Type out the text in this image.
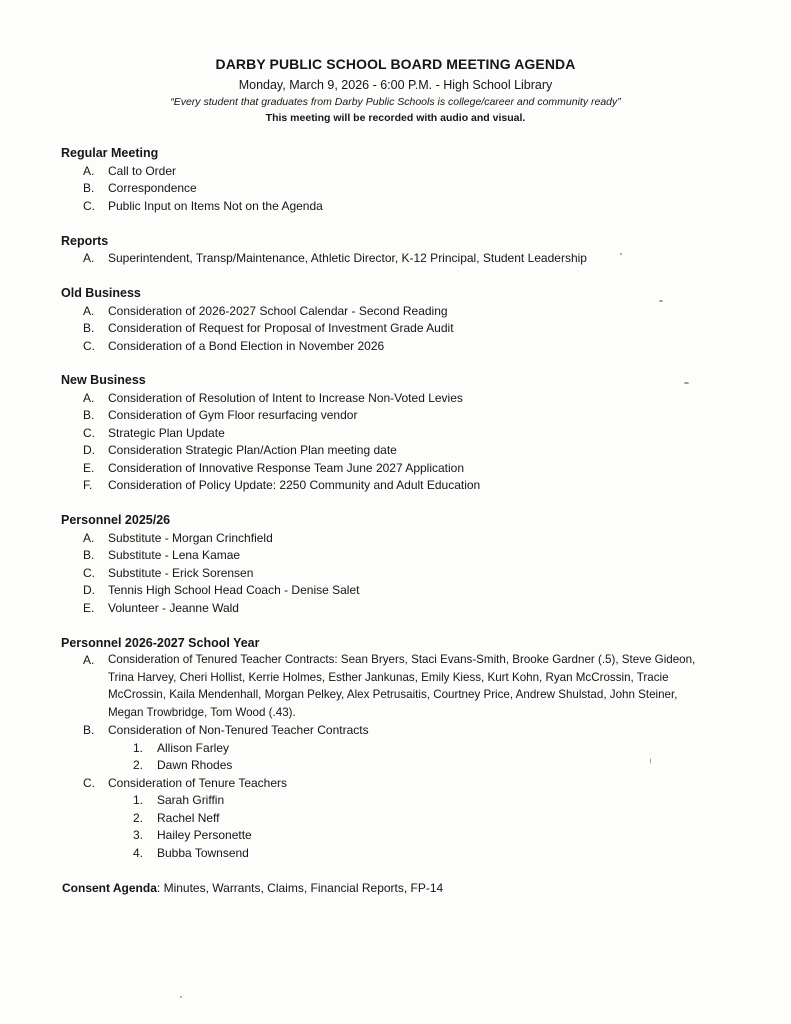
DARBY PUBLIC SCHOOL BOARD MEETING AGENDA
Monday, March 9, 2026 - 6:00 P.M. - High School Library
“Every student that graduates from Darby Public Schools is college/career and community ready”
This meeting will be recorded with audio and visual.
Regular Meeting
A. Call to Order
B. Correspondence
C. Public Input on Items Not on the Agenda
Reports
A. Superintendent, Transp/Maintenance, Athletic Director, K-12 Principal, Student Leadership
Old Business
A. Consideration of 2026-2027 School Calendar - Second Reading
B. Consideration of Request for Proposal of Investment Grade Audit
C. Consideration of a Bond Election in November 2026
New Business
A. Consideration of Resolution of Intent to Increase Non-Voted Levies
B. Consideration of Gym Floor resurfacing vendor
C. Strategic Plan Update
D. Consideration Strategic Plan/Action Plan meeting date
E. Consideration of Innovative Response Team June 2027 Application
F.	Consideration of Policy Update: 2250 Community and Adult Education
Personnel 2025/26
A. Substitute - Morgan Crinchfield
B. Substitute - Lena Kamae
C. Substitute - Erick Sorensen
D. Tennis High School Head Coach - Denise Salet
E. Volunteer - Jeanne Wald
Personnel 2026-2027 School Year
A. Consideration of Tenured Teacher Contracts: Sean Bryers, Staci Evans-Smith, Brooke Gardner (.5), Steve Gideon,
Trina Harvey, Cheri Hollist, Kerrie Holmes, Esther Jankunas, Emily Kiess, Kurt Kohn, Ryan McCrossin, Tracie
McCrossin, Kaila Mendenhall, Morgan Pelkey, Alex Petrusaitis, Courtney Price, Andrew Shulstad, John Steiner,
Megan Trowbridge, Tom Wood (.43).
B. Consideration of Non-Tenured Teacher Contracts
1. Allison Farley
2. Dawn Rhodes
C. Consideration of Tenure Teachers
1. Sarah Griffin
2. Rachel Neff
3. Hailey Personette
4. Bubba Townsend
Consent Agenda: Minutes, Warrants, Claims, Financial Reports, FP-14
